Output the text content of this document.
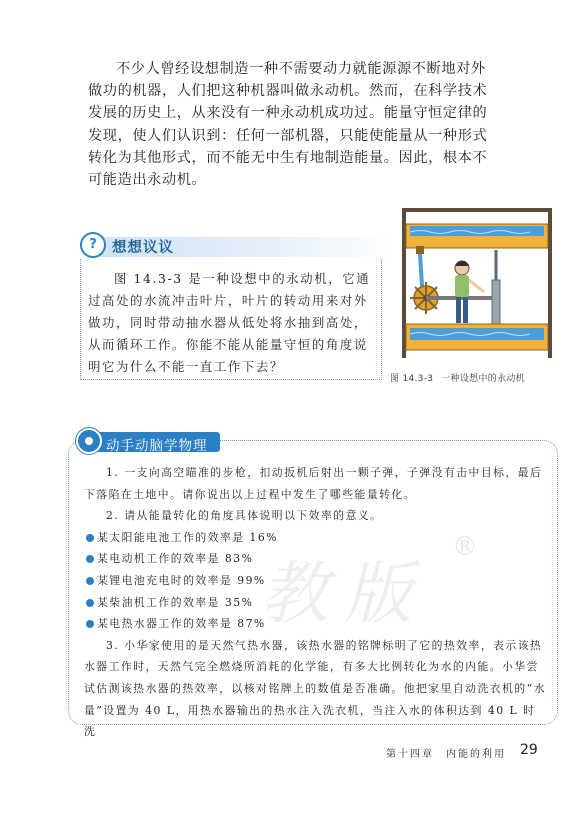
不少人曾经设想制造一种不需要动力就能源源不断地对外做功的机器，人们把这种机器叫做永动机。然而，在科学技术发展的历史上，从来没有一种永动机成功过。能量守恒定律的发现，使人们认识到：任何一部机器，只能使能量从一种形式转化为其他形式，而不能无中生有地制造能量。因此，根本不可能造出永动机。

?	想想议议

图 14.3-3 是一种设想中的永动机，它通过高处的水流冲击叶片，叶片的转动用来对外做功，同时带动抽水器从低处将水抽到高处，从而循环工作。你能不能从能量守恒的角度说明它为什么不能一直工作下去？

图 14.3-3 一种设想中的永动机
教版
®
动手动脑学物理

1. 一支向高空瞄准的步枪，扣动扳机后射出一颗子弹，子弹没有击中目标，最后下落陷在土地中。请你说出以上过程中发生了哪些能量转化。

2. 请从能量转化的角度具体说明以下效率的意义。

某太阳能电池工作的效率是 16%

某电动机工作的效率是 83%

某锂电池充电时的效率是 99%

某柴油机工作的效率是 35%

某电热水器工作的效率是 87%

3. 小华家使用的是天然气热水器，该热水器的铭牌标明了它的热效率，表示该热水器工作时，天然气完全燃烧所消耗的化学能，有多大比例转化为水的内能。小华尝试估测该热水器的热效率，以核对铭牌上的数值是否准确。他把家里自动洗衣机的“水量”设置为 40 L，用热水器输出的热水注入洗衣机，当注入水的体积达到 40 L 时洗

第十四章　内能的利用 29
